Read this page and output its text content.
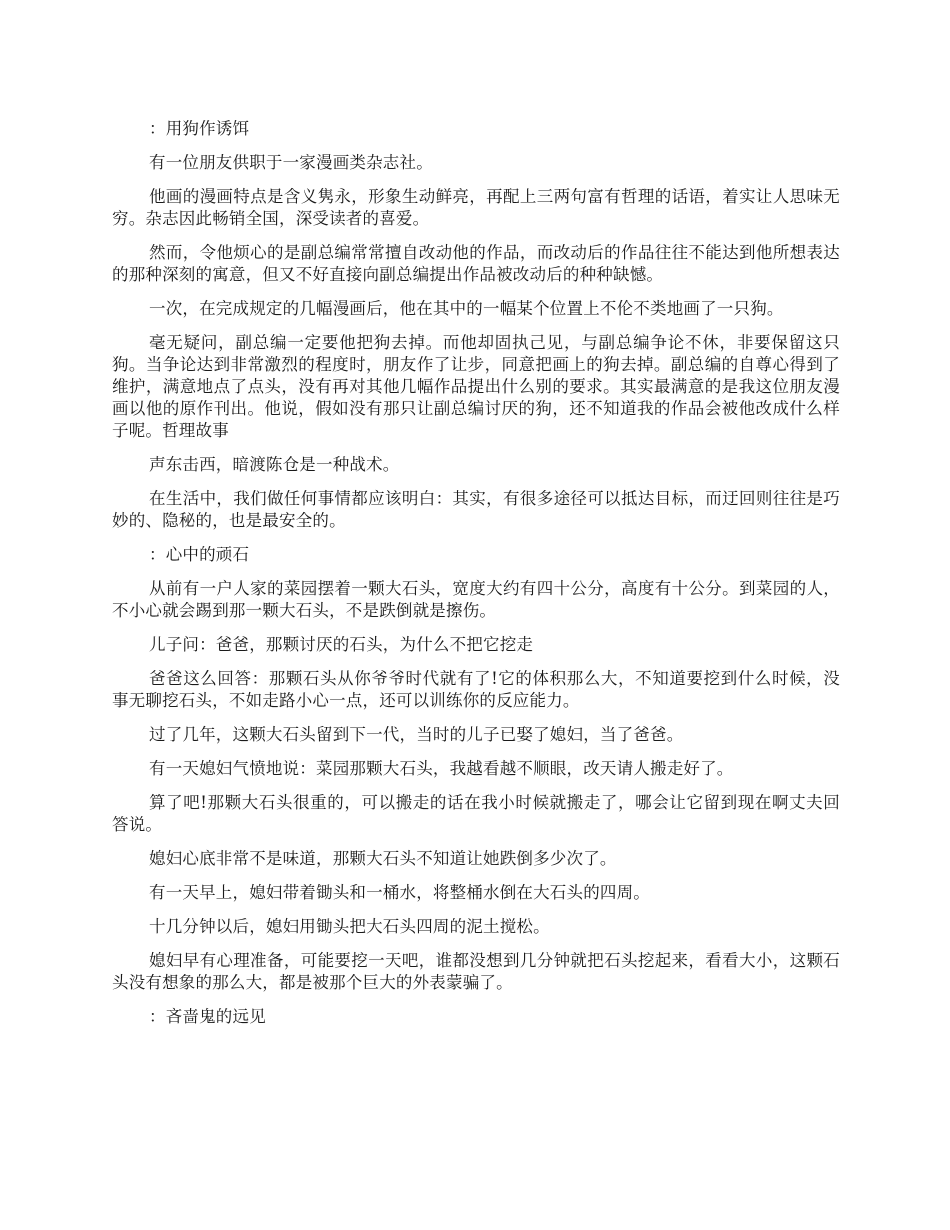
：用狗作诱饵

有一位朋友供职于一家漫画类杂志社。

他画的漫画特点是含义隽永，形象生动鲜亮，再配上三两句富有哲理的话语，着实让人思味无穷。杂志因此畅销全国，深受读者的喜爱。

然而，令他烦心的是副总编常常擅自改动他的作品，而改动后的作品往往不能达到他所想表达的那种深刻的寓意，但又不好直接向副总编提出作品被改动后的种种缺憾。

一次，在完成规定的几幅漫画后，他在其中的一幅某个位置上不伦不类地画了一只狗。

毫无疑问，副总编一定要他把狗去掉。而他却固执己见，与副总编争论不休，非要保留这只狗。当争论达到非常激烈的程度时，朋友作了让步，同意把画上的狗去掉。副总编的自尊心得到了维护，满意地点了点头，没有再对其他几幅作品提出什么别的要求。其实最满意的是我这位朋友漫画以他的原作刊出。他说，假如没有那只让副总编讨厌的狗，还不知道我的作品会被他改成什么样子呢。哲理故事

声东击西，暗渡陈仓是一种战术。

在生活中，我们做任何事情都应该明白：其实，有很多途径可以抵达目标，而迂回则往往是巧妙的、隐秘的，也是最安全的。

：心中的顽石

从前有一户人家的菜园摆着一颗大石头，宽度大约有四十公分，高度有十公分。到菜园的人，不小心就会踢到那一颗大石头，不是跌倒就是擦伤。

儿子问：爸爸，那颗讨厌的石头，为什么不把它挖走

爸爸这么回答：那颗石头从你爷爷时代就有了!它的体积那么大，不知道要挖到什么时候，没事无聊挖石头，不如走路小心一点，还可以训练你的反应能力。

过了几年，这颗大石头留到下一代，当时的儿子已娶了媳妇，当了爸爸。

有一天媳妇气愤地说：菜园那颗大石头，我越看越不顺眼，改天请人搬走好了。

算了吧!那颗大石头很重的，可以搬走的话在我小时候就搬走了，哪会让它留到现在啊丈夫回答说。

媳妇心底非常不是味道，那颗大石头不知道让她跌倒多少次了。

有一天早上，媳妇带着锄头和一桶水，将整桶水倒在大石头的四周。

十几分钟以后，媳妇用锄头把大石头四周的泥土搅松。

媳妇早有心理准备，可能要挖一天吧，谁都没想到几分钟就把石头挖起来，看看大小，这颗石头没有想象的那么大，都是被那个巨大的外表蒙骗了。

：吝啬鬼的远见
